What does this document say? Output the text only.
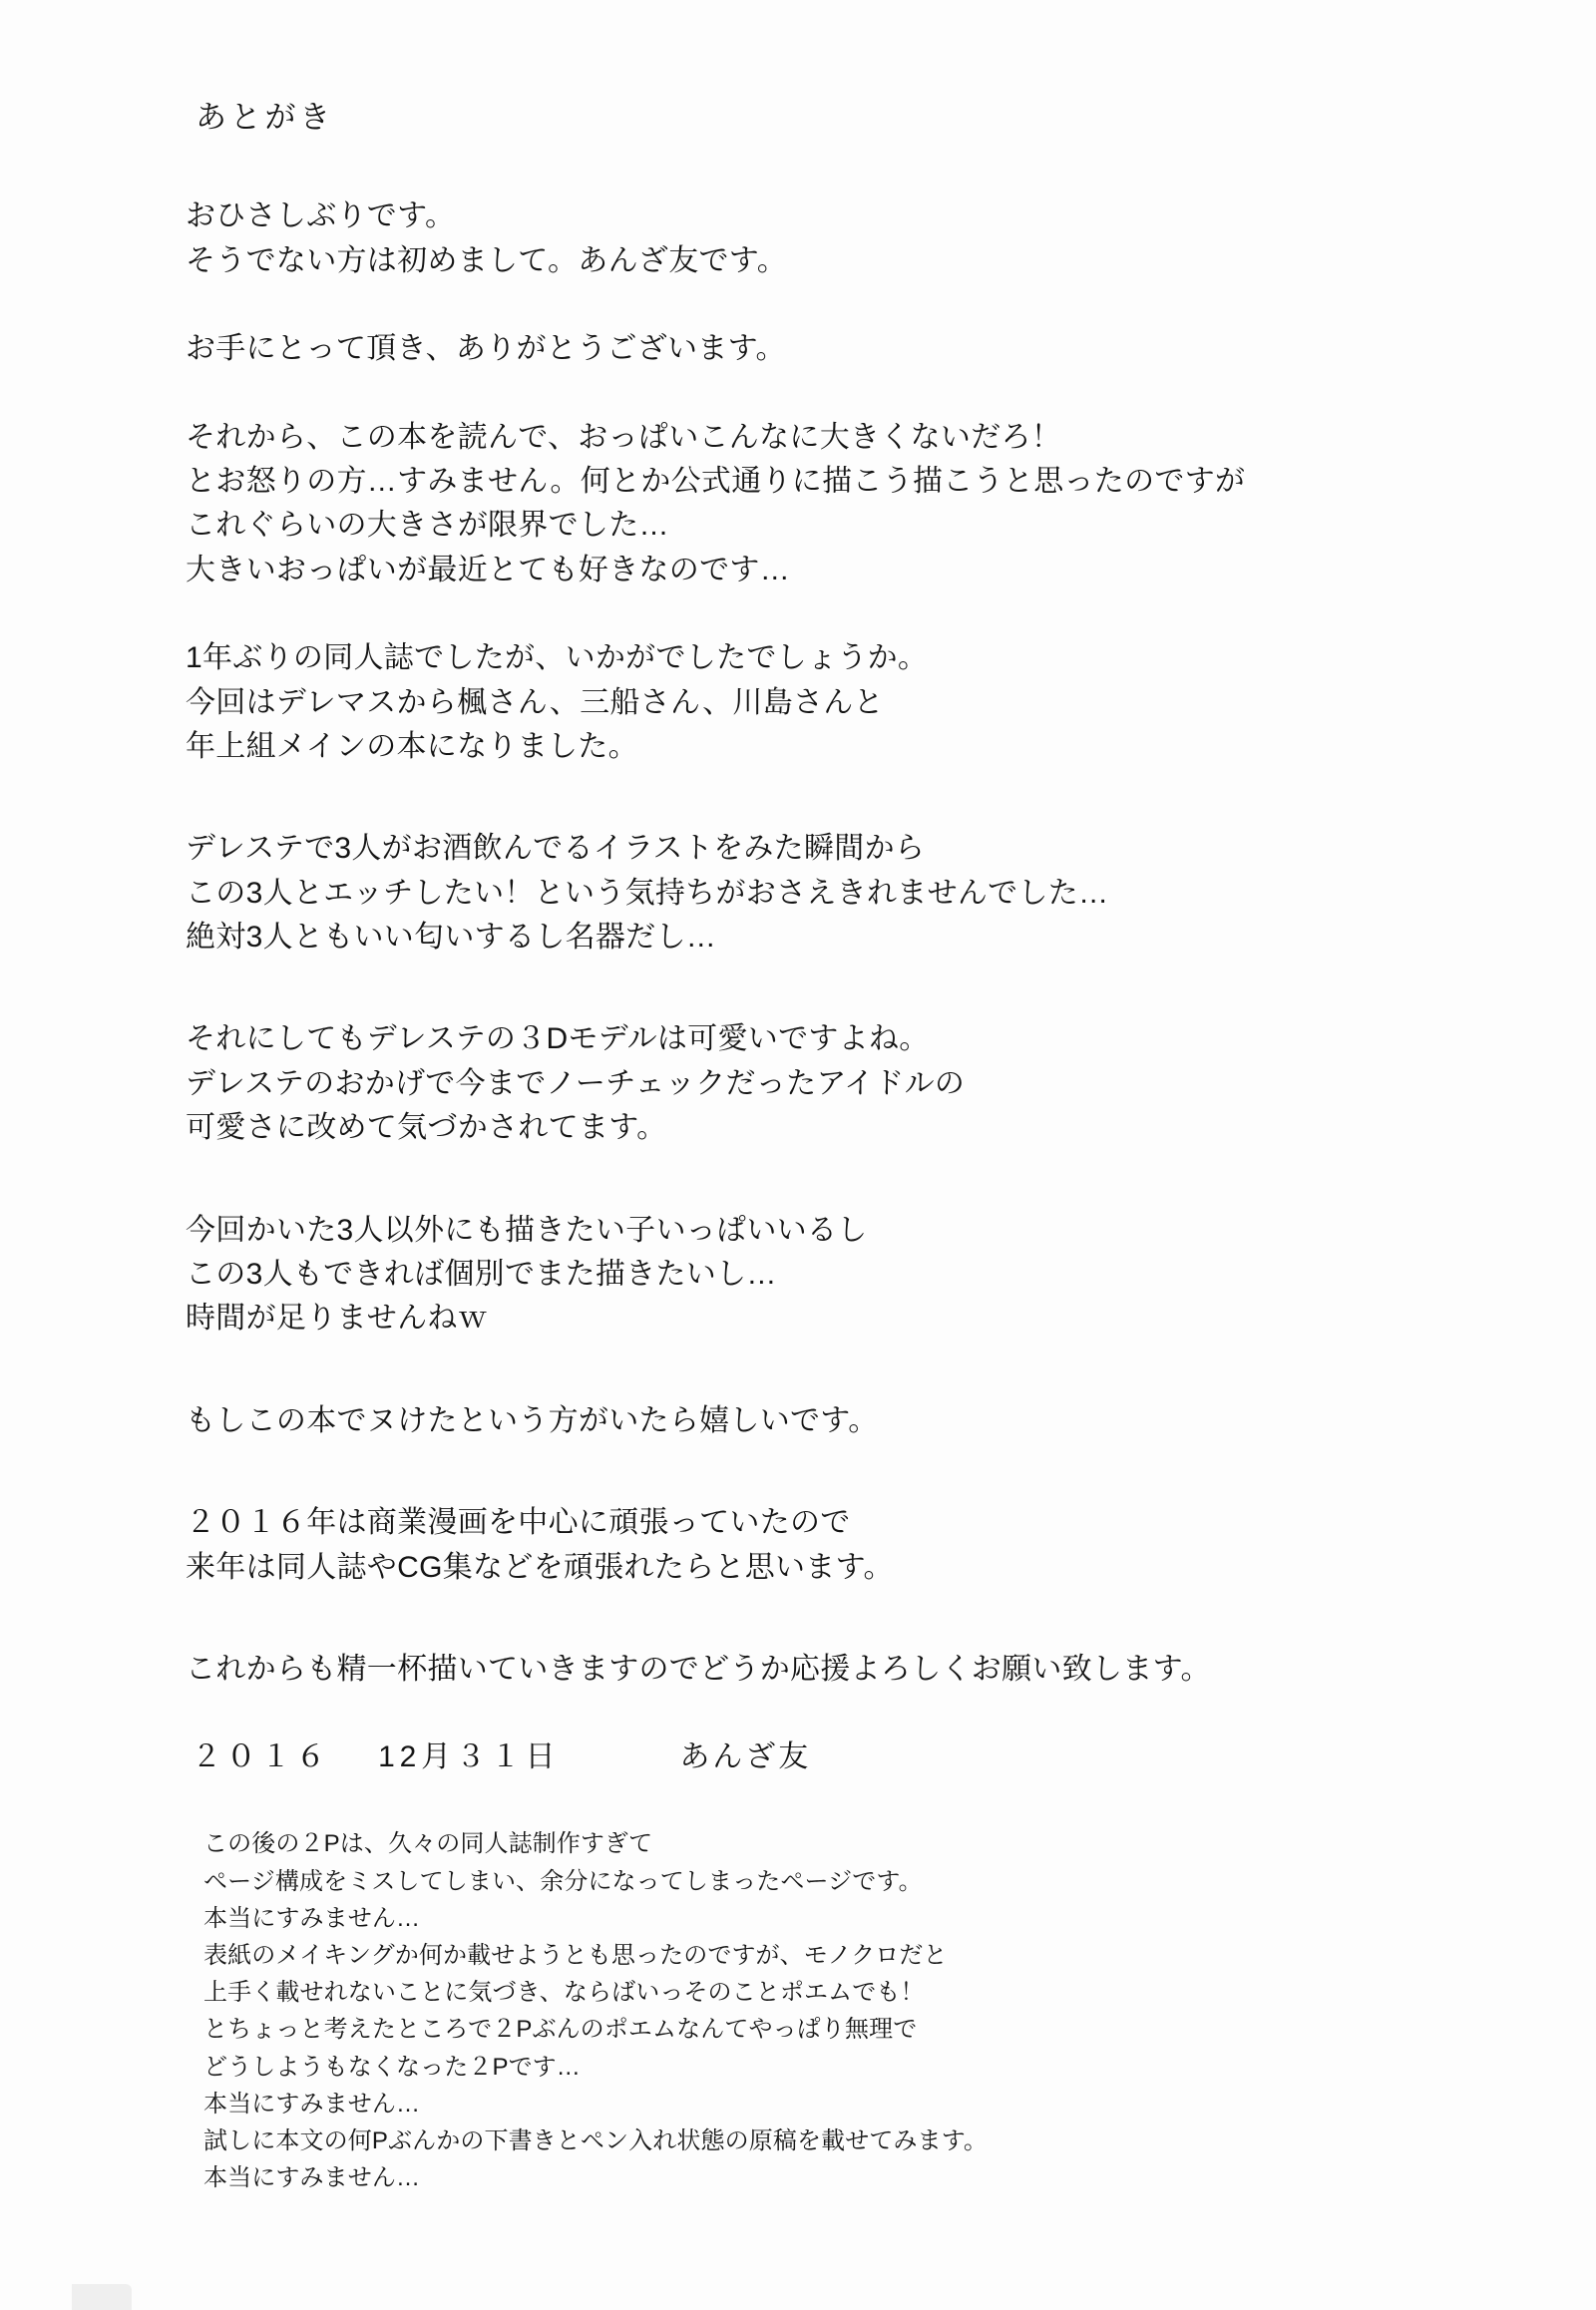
あとがき

おひさしぶりです。

そうでない方は初めまして。あんざ友です。

お手にとって頂き、ありがとうございます。

それから、この本を読んで、おっぱいこんなに大きくないだろ！

とお怒りの方…すみません。何とか公式通りに描こう描こうと思ったのですが

これぐらいの大きさが限界でした…

大きいおっぱいが最近とても好きなのです…

1年ぶりの同人誌でしたが、いかがでしたでしょうか。

今回はデレマスから楓さん、三船さん、川島さんと

年上組メインの本になりました。

デレステで3人がお酒飲んでるイラストをみた瞬間から

この3人とエッチしたい！という気持ちがおさえきれませんでした…

絶対3人ともいい匂いするし名器だし…

それにしてもデレステの３Dモデルは可愛いですよね。

デレステのおかげで今までノーチェックだったアイドルの

可愛さに改めて気づかされてます。

今回かいた3人以外にも描きたい子いっぱいいるし

この3人もできれば個別でまた描きたいし…

時間が足りませんねｗ

もしこの本でヌけたという方がいたら嬉しいです。

２０１６年は商業漫画を中心に頑張っていたので

来年は同人誌やCG集などを頑張れたらと思います。

これからも精一杯描いていきますのでどうか応援よろしくお願い致します。

２０１６　 12月３１日	あんざ友

この後の２Pは、久々の同人誌制作すぎて

ページ構成をミスしてしまい、余分になってしまったページです。

本当にすみません…

表紙のメイキングか何か載せようとも思ったのですが、モノクロだと

上手く載せれないことに気づき、ならばいっそのことポエムでも！

とちょっと考えたところで２Pぶんのポエムなんてやっぱり無理で

どうしようもなくなった２Pです…

本当にすみません…

試しに本文の何Pぶんかの下書きとペン入れ状態の原稿を載せてみます。

本当にすみません…
